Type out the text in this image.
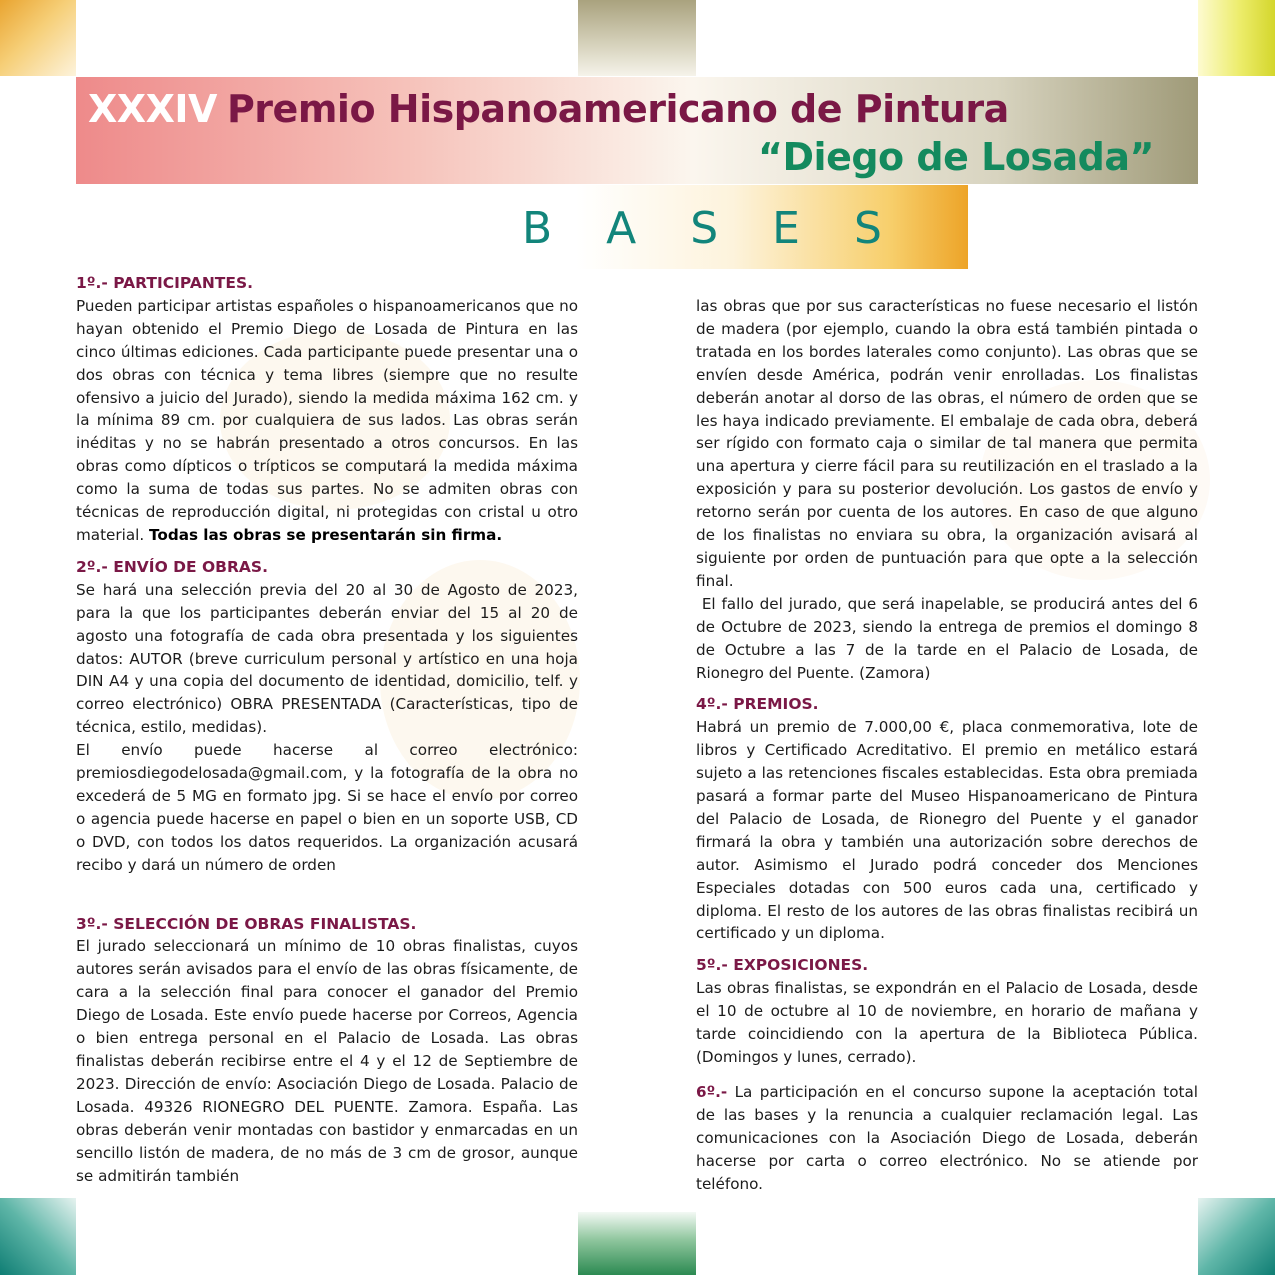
XXXIV Premio Hispanoamericano de Pintura

“Diego de Losada”

B A S E S
1º.- PARTICIPANTES.

Pueden participar artistas españoles o hispanoamericanos que no hayan obtenido el Premio Diego de Losada de Pintura en las cinco últimas ediciones. Cada participante puede presentar una o dos obras con técnica y tema libres (siempre que no resulte ofensivo a juicio del Jurado), siendo la medida máxima 162 cm. y la mínima 89 cm. por cualquiera de sus lados. Las obras serán inéditas y no se habrán presentado a otros concursos. En las obras como dípticos o trípticos se computará la medida máxima como la suma de todas sus partes. No se admiten obras con técnicas de reproducción digital, ni protegidas con cristal u otro material. Todas las obras se presentarán sin firma.

2º.- ENVÍO DE OBRAS.

Se hará una selección previa del 20 al 30 de Agosto de 2023, para la que los participantes deberán enviar del 15 al 20 de agosto una fotografía de cada obra presentada y los siguientes datos: AUTOR (breve curriculum personal y artístico en una hoja DIN A4 y una copia del documento de identidad, domicilio, telf. y correo electrónico) OBRA PRESENTADA (Características, tipo de técnica, estilo, medidas).

El envío puede hacerse al correo electrónico: premiosdiegodelosada@gmail.com, y la fotografía de la obra no excederá de 5 MG en formato jpg. Si se hace el envío por correo o agencia puede hacerse en papel o bien en un soporte USB, CD o DVD, con todos los datos requeridos. La organización acusará recibo y dará un número de orden

3º.- SELECCIÓN DE OBRAS FINALISTAS.

El jurado seleccionará un mínimo de 10 obras finalistas, cuyos autores serán avisados para el envío de las obras físicamente, de cara a la selección final para conocer el ganador del Premio Diego de Losada. Este envío puede hacerse por Correos, Agencia o bien entrega personal en el Palacio de Losada. Las obras finalistas deberán recibirse entre el 4 y el 12 de Septiembre de 2023. Dirección de envío: Asociación Diego de Losada. Palacio de Losada. 49326 RIONEGRO DEL PUENTE. Zamora. España. Las obras deberán venir montadas con bastidor y enmarcadas en un sencillo listón de madera, de no más de 3 cm de grosor, aunque se admitirán también

las obras que por sus características no fuese necesario el listón de madera (por ejemplo, cuando la obra está también pintada o tratada en los bordes laterales como conjunto). Las obras que se envíen desde América, podrán venir enrolladas. Los finalistas deberán anotar al dorso de las obras, el número de orden que se les haya indicado previamente. El embalaje de cada obra, deberá ser rígido con formato caja o similar de tal manera que permita una apertura y cierre fácil para su reutilización en el traslado a la exposición y para su posterior devolución. Los gastos de envío y retorno serán por cuenta de los autores. En caso de que alguno de los finalistas no enviara su obra, la organización avisará al siguiente por orden de puntuación para que opte a la selección final.

El fallo del jurado, que será inapelable, se producirá antes del 6 de Octubre de 2023, siendo la entrega de premios el domingo 8 de Octubre a las 7 de la tarde en el Palacio de Losada, de Rionegro del Puente. (Zamora)

4º.- PREMIOS.

Habrá un premio de 7.000,00 €, placa conmemorativa, lote de libros y Certificado Acreditativo. El premio en metálico estará sujeto a las retenciones fiscales establecidas. Esta obra premiada pasará a formar parte del Museo Hispanoamericano de Pintura del Palacio de Losada, de Rionegro del Puente y el ganador firmará la obra y también una autorización sobre derechos de autor. Asimismo el Jurado podrá conceder dos Menciones Especiales dotadas con 500 euros cada una, certificado y diploma. El resto de los autores de las obras finalistas recibirá un certificado y un diploma.

5º.- EXPOSICIONES.

Las obras finalistas, se expondrán en el Palacio de Losada, desde el 10 de octubre al 10 de noviembre, en horario de mañana y tarde coincidiendo con la apertura de la Biblioteca Pública. (Domingos y lunes, cerrado).

6º.- La participación en el concurso supone la aceptación total de las bases y la renuncia a cualquier reclamación legal. Las comunicaciones con la Asociación Diego de Losada, deberán hacerse por carta o correo electrónico. No se atiende por teléfono.
